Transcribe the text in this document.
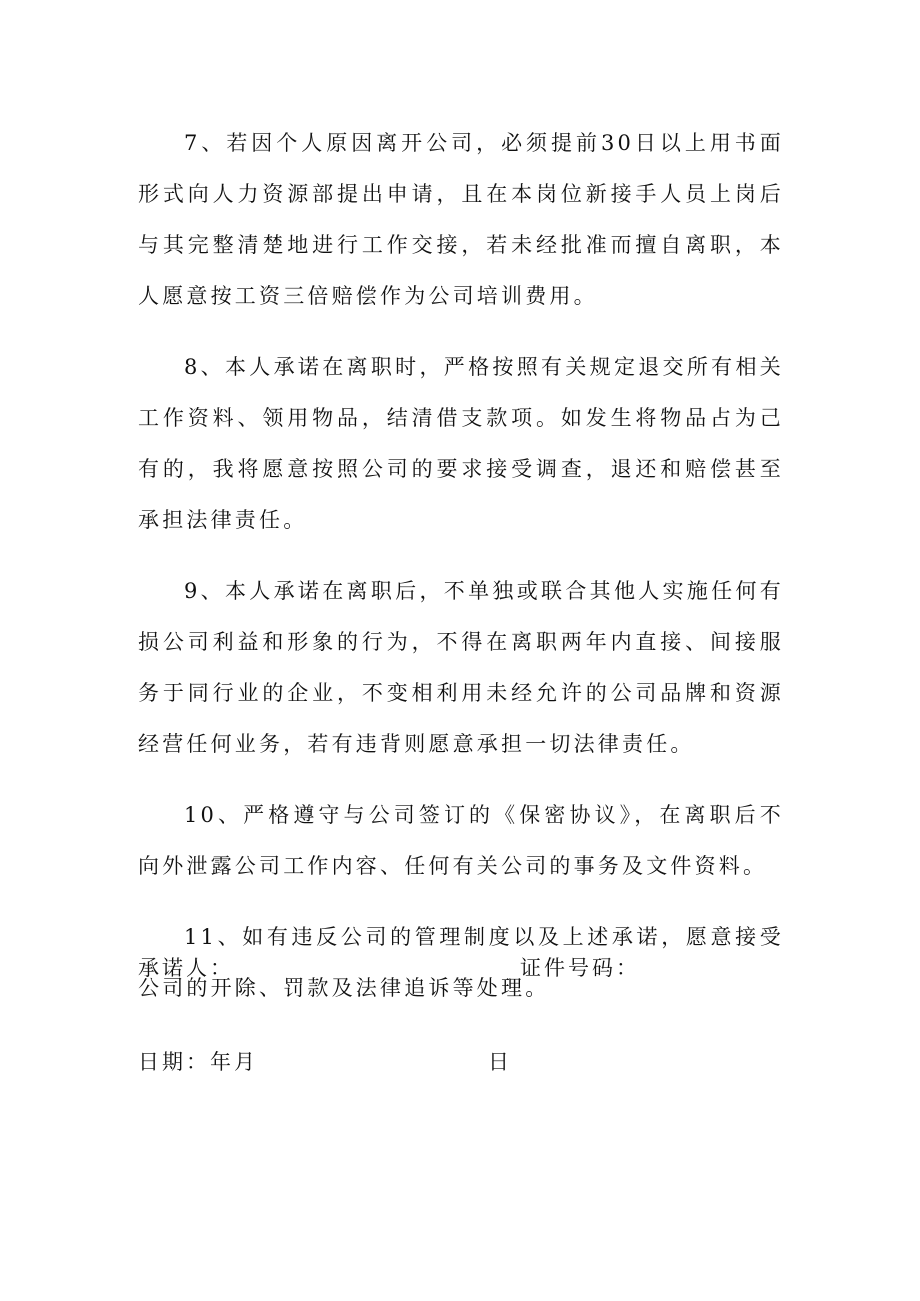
7、若因个人原因离开公司，必须提前30日以上用书面形式向人力资源部提出申请，且在本岗位新接手人员上岗后与其完整清楚地进行工作交接，若未经批准而擅自离职，本人愿意按工资三倍赔偿作为公司培训费用。

8、本人承诺在离职时，严格按照有关规定退交所有相关工作资料、领用物品，结清借支款项。如发生将物品占为己有的，我将愿意按照公司的要求接受调查，退还和赔偿甚至承担法律责任。

9、本人承诺在离职后，不单独或联合其他人实施任何有损公司利益和形象的行为，不得在离职两年内直接、间接服务于同行业的企业，不变相利用未经允许的公司品牌和资源经营任何业务，若有违背则愿意承担一切法律责任。

10、严格遵守与公司签订的《保密协议》，在离职后不向外泄露公司工作内容、任何有关公司的事务及文件资料。

11、如有违反公司的管理制度以及上述承诺，愿意接受公司的开除、罚款及法律追诉等处理。

承诺人：	证件号码：
日期：年月	日
